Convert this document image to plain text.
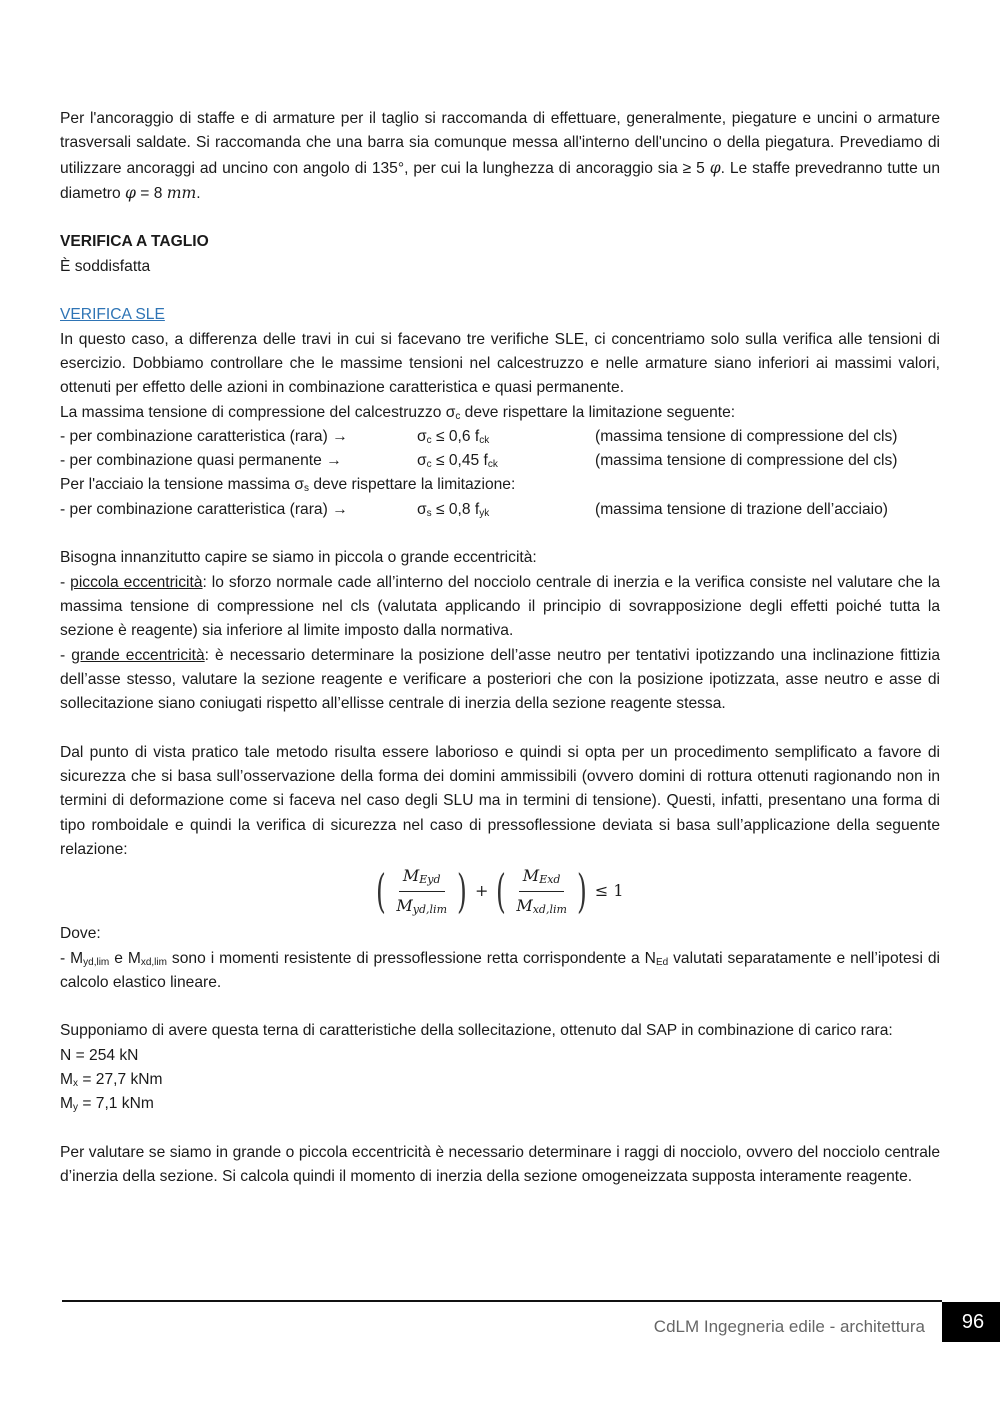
Per l'ancoraggio di staffe e di armature per il taglio si raccomanda di effettuare, generalmente, piegature e uncini o armature trasversali saldate. Si raccomanda che una barra sia comunque messa all'interno dell'uncino o della piegatura. Prevediamo di utilizzare ancoraggi ad uncino con angolo di 135°, per cui la lunghezza di ancoraggio sia ≥ 5 φ. Le staffe prevedranno tutte un diametro φ = 8 mm.

VERIFICA A TAGLIO

È soddisfatta

VERIFICA SLE

In questo caso, a differenza delle travi in cui si facevano tre verifiche SLE, ci concentriamo solo sulla verifica alle tensioni di esercizio. Dobbiamo controllare che le massime tensioni nel calcestruzzo e nelle armature siano inferiori ai massimi valori, ottenuti per effetto delle azioni in combinazione caratteristica e quasi permanente.

La massima tensione di compressione del calcestruzzo $\sigma_c$ deve rispettare la limitazione seguente:

- per combinazione caratteristica (rara) →	$\sigma_c \le 0,6$ $f_{ck}$	(massima tensione di compressione del cls)
- per combinazione quasi permanente →	$\sigma_c \le 0,45$ $f_{ck}$	(massima tensione di compressione del cls)

Per l'acciaio la tensione massima $\sigma_s$ deve rispettare la limitazione:

- per combinazione caratteristica (rara) →	$\sigma_s \le 0,8$ $f_{yk}$	(massima tensione di trazione dell’acciaio)

Bisogna innanzitutto capire se siamo in piccola o grande eccentricità:

- piccola eccentricità: lo sforzo normale cade all’interno del nocciolo centrale di inerzia e la verifica consiste nel valutare che la massima tensione di compressione nel cls (valutata applicando il principio di sovrapposizione degli effetti poiché tutta la sezione è reagente) sia inferiore al limite imposto dalla normativa.

- grande eccentricità: è necessario determinare la posizione dell’asse neutro per tentativi ipotizzando una inclinazione fittizia dell’asse stesso, valutare la sezione reagente e verificare a posteriori che con la posizione ipotizzata, asse neutro e asse di sollecitazione siano coniugati rispetto all’ellisse centrale di inerzia della sezione reagente stessa.

Dal punto di vista pratico tale metodo risulta essere laborioso e quindi si opta per un procedimento semplificato a favore di sicurezza che si basa sull’osservazione della forma dei domini ammissibili (ovvero domini di rottura ottenuti ragionando non in termini di deformazione come si faceva nel caso degli SLU ma in termini di tensione). Questi, infatti, presentano una forma di tipo romboidale e quindi la verifica di sicurezza nel caso di pressoflessione deviata si basa sull’applicazione della seguente relazione:

( $\frac{M_{Eyd}}{M_{yd,lim}}$ ) + ( $\frac{M_{Exd}}{M_{xd,lim}}$ ) ≤ 1

Dove:

- $M_{yd,lim}$ e $M_{xd,lim}$ sono i momenti resistente di pressoflessione retta corrispondente a $N_{Ed}$ valutati separatamente e nell’ipotesi di calcolo elastico lineare.

Supponiamo di avere questa terna di caratteristiche della sollecitazione, ottenuto dal SAP in combinazione di carico rara:

N = 254 kN

$M_x = 27,7$ kNm

$M_y = 7,1$ kNm

Per valutare se siamo in grande o piccola eccentricità è necessario determinare i raggi di nocciolo, ovvero del nocciolo centrale d’inerzia della sezione. Si calcola quindi il momento di inerzia della sezione omogeneizzata supposta interamente reagente.

CdLM Ingegneria edile - architettura	96
